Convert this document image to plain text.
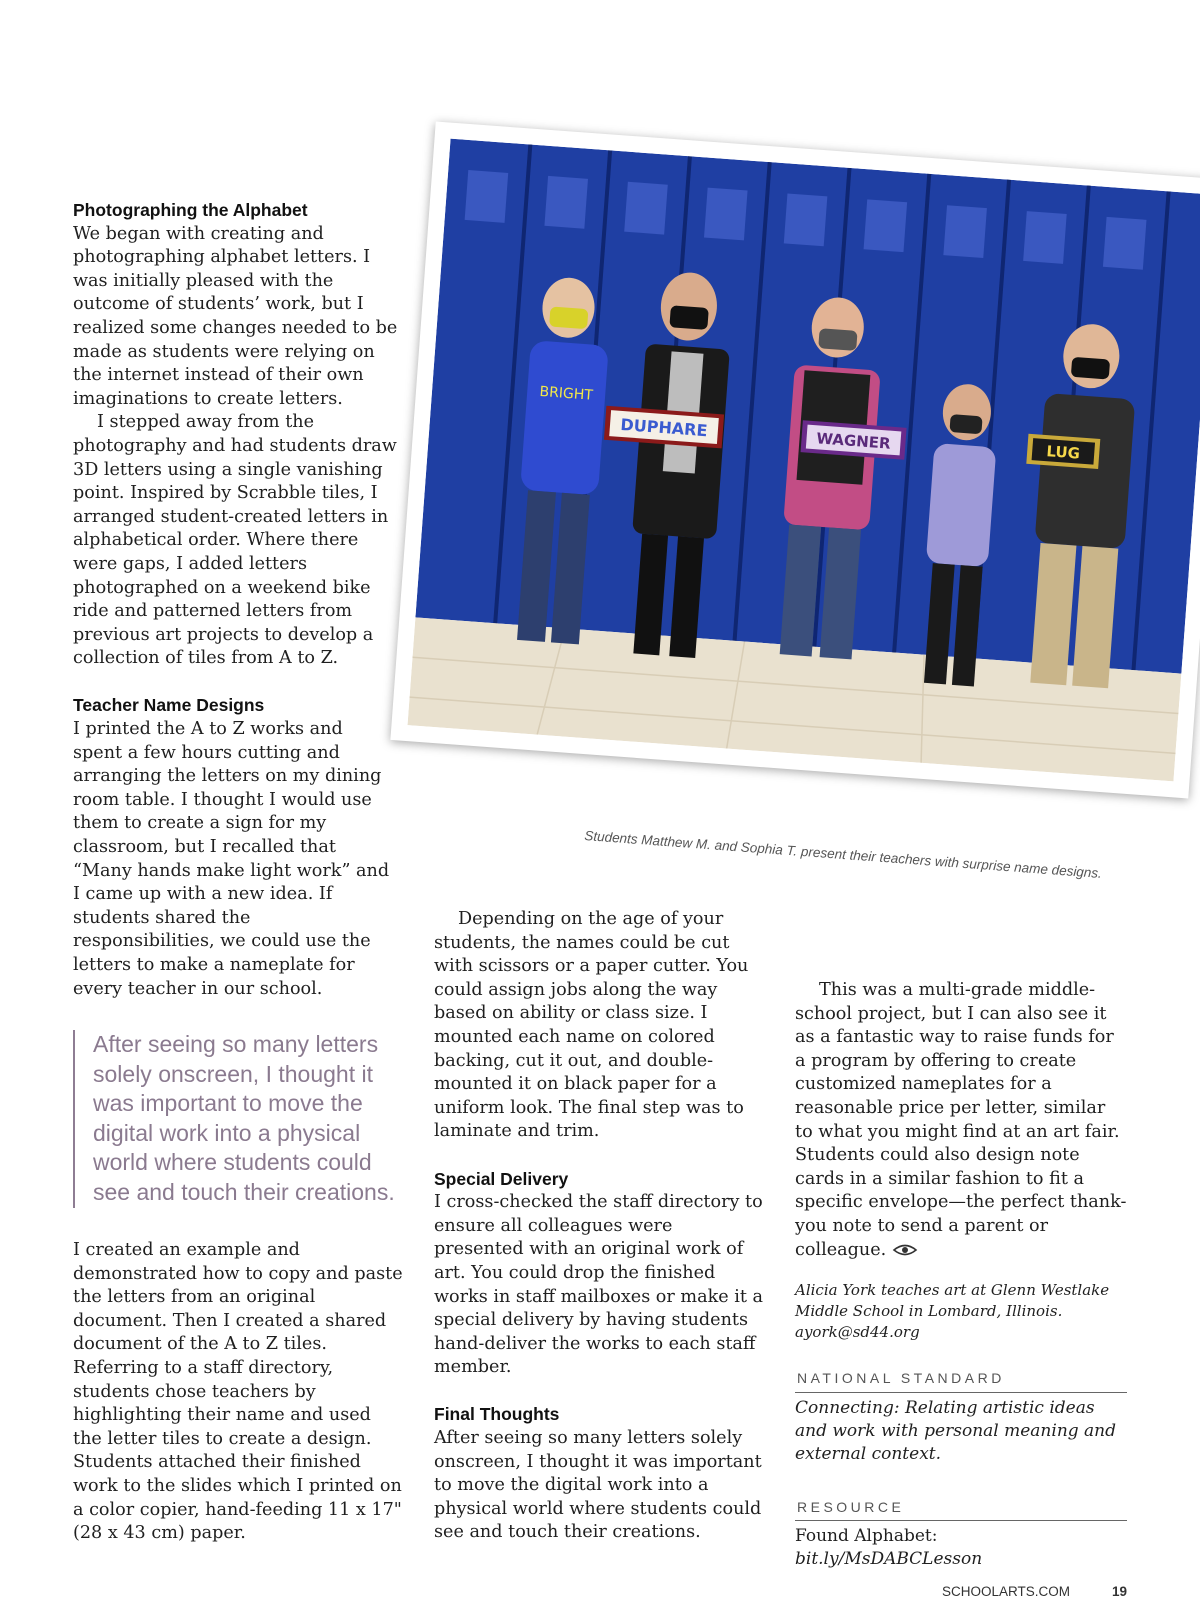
Photographing the Alphabet

We began with creating and photographing alphabet letters. I was initially pleased with the outcome of students’ work, but I realized some changes needed to be made as students were relying on the internet instead of their own imaginations to create letters.

I stepped away from the photography and had students draw 3D letters using a single vanishing point. Inspired by Scrabble tiles, I arranged student-created letters in alphabetical order. Where there were gaps, I added letters photographed on a weekend bike ride and patterned letters from previous art projects to develop a collection of tiles from A to Z.

Teacher Name Designs

I printed the A to Z works and spent a few hours cutting and arranging the letters on my dining room table. I thought I would use them to create a sign for my classroom, but I recalled that “Many hands make light work” and I came up with a new idea. If students shared the responsibilities, we could use the letters to make a nameplate for every teacher in our school.

After seeing so many letters solely onscreen, I thought it was important to move the digital work into a physical world where students could see and touch their creations.

I created an example and demonstrated how to copy and paste the letters from an original document. Then I created a shared document of the A to Z tiles. Referring to a staff directory, students chose teachers by highlighting their name and used the letter tiles to create a design. Students attached their finished work to the slides which I printed on a color copier, hand-feeding 11 x 17" (28 x 43 cm) paper.

BRIGHT
DUPHARE
WAGNER	LUG
Students Matthew M. and Sophia T. present their teachers with surprise name designs.

Depending on the age of your students, the names could be cut with scissors or a paper cutter. You could assign jobs along the way based on ability or class size. I mounted each name on colored backing, cut it out, and double-mounted it on black paper for a uniform look. The final step was to laminate and trim.

Special Delivery

I cross-checked the staff directory to ensure all colleagues were presented with an original work of art. You could drop the finished works in staff mailboxes or make it a special delivery by having students hand-deliver the works to each staff member.

Final Thoughts

After seeing so many letters solely onscreen, I thought it was important to move the digital work into a physical world where students could see and touch their creations.

This was a multi-grade middle-school project, but I can also see it as a fantastic way to raise funds for a program by offering to create customized nameplates for a reasonable price per letter, similar to what you might find at an art fair. Students could also design note cards in a similar fashion to fit a specific envelope—the perfect thank-you note to send a parent or colleague.

Alicia York teaches art at Glenn Westlake Middle School in Lombard, Illinois. ayork@sd44.org

NATIONAL STANDARD

Connecting: Relating artistic ideas and work with personal meaning and external context.

RESOURCE

Found Alphabet: bit.ly/MsDABCLesson

SCHOOLARTS.COM	19
